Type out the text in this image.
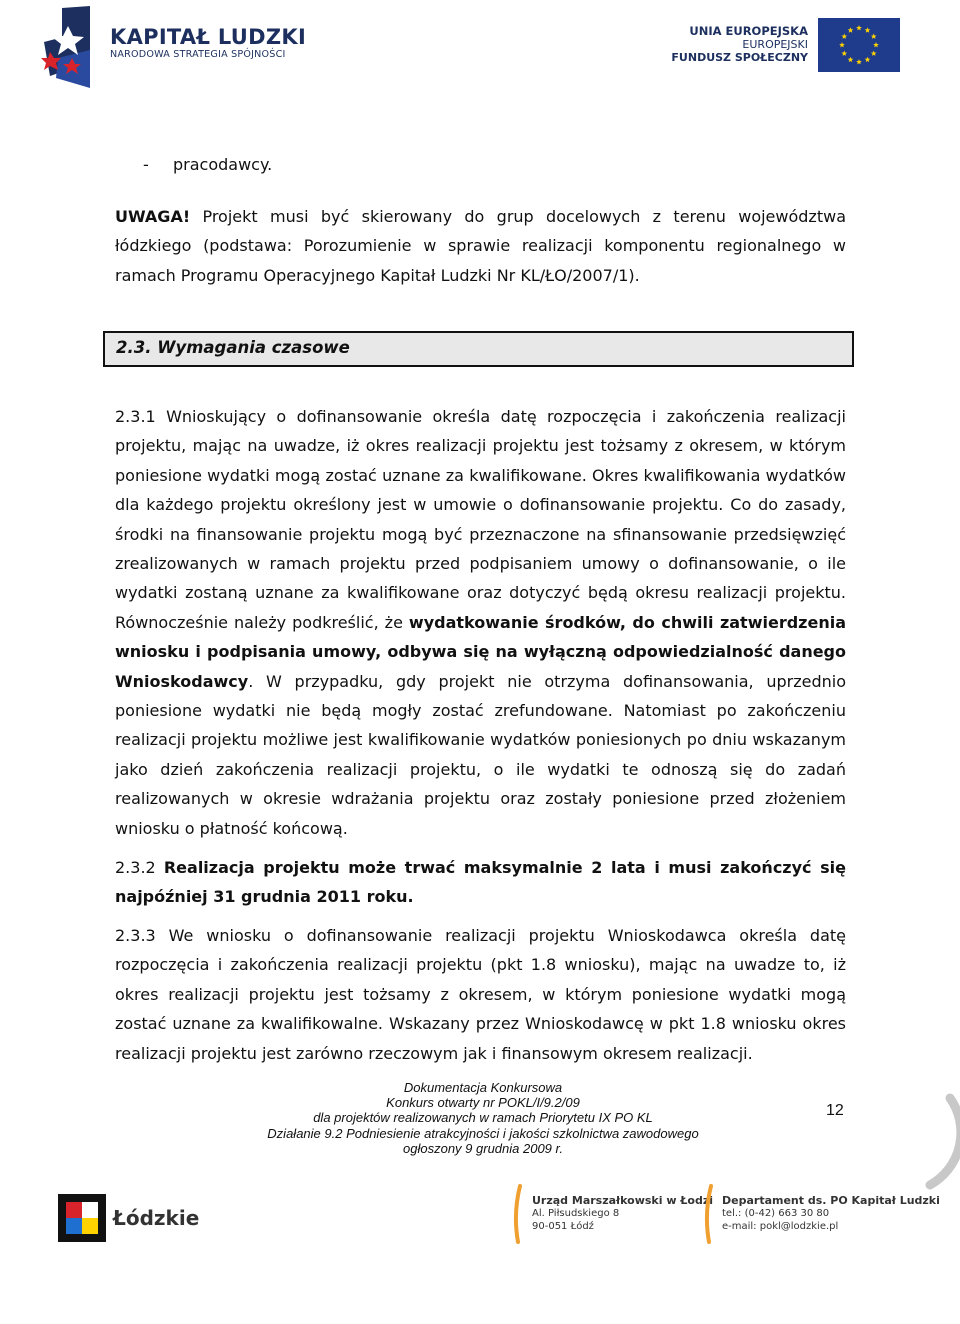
KAPITAŁ LUDZKI
NARODOWA STRATEGIA SPÓJNOŚCI
UNIA EUROPEJSKA
EUROPEJSKI
FUNDUSZ SPOŁECZNY
- pracodawcy.

UWAGA! Projekt musi być skierowany do grup docelowych z terenu województwa łódzkiego (podstawa: Porozumienie w sprawie realizacji komponentu regionalnego w ramach Programu Operacyjnego Kapitał Ludzki Nr KL/ŁO/2007/1).

2.3. Wymagania czasowe

2.3.1 Wnioskujący o dofinansowanie określa datę rozpoczęcia i zakończenia realizacji projektu, mając na uwadze, iż okres realizacji projektu jest tożsamy z okresem, w którym poniesione wydatki mogą zostać uznane za kwalifikowane. Okres kwalifikowania wydatków dla każdego projektu określony jest w umowie o dofinansowanie projektu. Co do zasady, środki na finansowanie projektu mogą być przeznaczone na sfinansowanie przedsięwzięć zrealizowanych w ramach projektu przed podpisaniem umowy o dofinansowanie, o ile wydatki zostaną uznane za kwalifikowane oraz dotyczyć będą okresu realizacji projektu. Równocześnie należy podkreślić, że wydatkowanie środków, do chwili zatwierdzenia wniosku i podpisania umowy, odbywa się na wyłączną odpowiedzialność danego Wnioskodawcy. W przypadku, gdy projekt nie otrzyma dofinansowania, uprzednio poniesione wydatki nie będą mogły zostać zrefundowane. Natomiast po zakończeniu realizacji projektu możliwe jest kwalifikowanie wydatków poniesionych po dniu wskazanym jako dzień zakończenia realizacji projektu, o ile wydatki te odnoszą się do zadań realizowanych w okresie wdrażania projektu oraz zostały poniesione przed złożeniem wniosku o płatność końcową.

2.3.2 Realizacja projektu może trwać maksymalnie 2 lata i musi zakończyć się najpóźniej 31 grudnia 2011 roku.

2.3.3 We wniosku o dofinansowanie realizacji projektu Wnioskodawca określa datę rozpoczęcia i zakończenia realizacji projektu (pkt 1.8 wniosku), mając na uwadze to, iż okres realizacji projektu jest tożsamy z okresem, w którym poniesione wydatki mogą zostać uznane za kwalifikowalne. Wskazany przez Wnioskodawcę w pkt 1.8 wniosku okres realizacji projektu jest zarówno rzeczowym jak i finansowym okresem realizacji.

Dokumentacja Konkursowa
Konkurs otwarty nr POKL/I/9.2/09
dla projektów realizowanych w ramach Priorytetu IX PO KL
Działanie 9.2 Podniesienie atrakcyjności i jakości szkolnictwa zawodowego
ogłoszony 9 grudnia 2009 r.
12
Łódzkie
Urząd Marszałkowski w Łodzi
Al. Piłsudskiego 8
90-051 Łódź
Departament ds. PO Kapitał Ludzki
tel.: (0-42) 663 30 80
e-mail: pokl@lodzkie.pl
